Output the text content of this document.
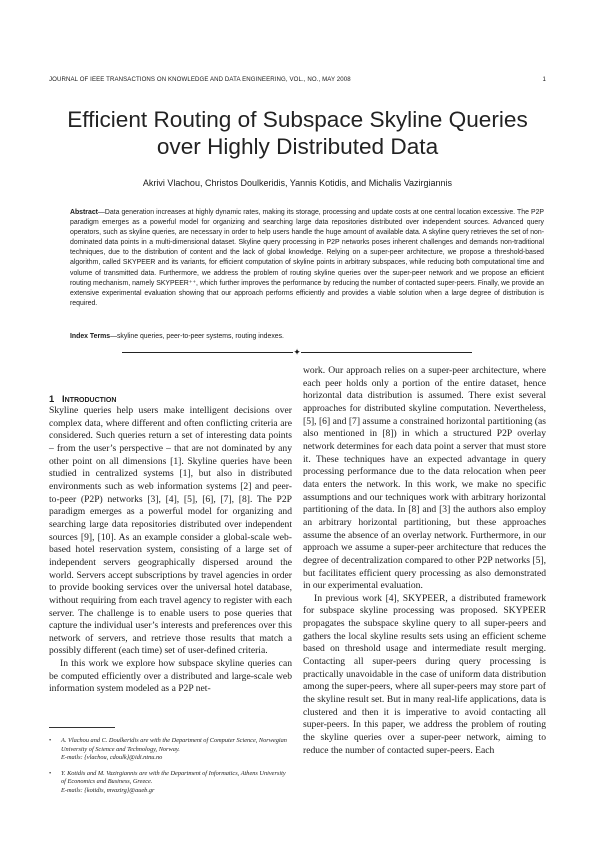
JOURNAL OF IEEE TRANSACTIONS ON KNOWLEDGE AND DATA ENGINEERING, VOL., NO., MAY 2008	1
Efficient Routing of Subspace Skyline Queries
over Highly Distributed Data
Akrivi Vlachou, Christos Doulkeridis, Yannis Kotidis, and Michalis Vazirgiannis
Abstract—Data generation increases at highly dynamic rates, making its storage, processing and update costs at one central location excessive. The P2P paradigm emerges as a powerful model for organizing and searching large data repositories distributed over independent sources. Advanced query operators, such as skyline queries, are necessary in order to help users handle the huge amount of available data. A skyline query retrieves the set of non-dominated data points in a multi-dimensional dataset. Skyline query processing in P2P networks poses inherent challenges and demands non-traditional techniques, due to the distribution of content and the lack of global knowledge. Relying on a super-peer architecture, we propose a threshold-based algorithm, called SKYPEER and its variants, for efficient computation of skyline points in arbitrary subspaces, while reducing both computational time and volume of transmitted data. Furthermore, we address the problem of routing skyline queries over the super-peer network and we propose an efficient routing mechanism, namely SKYPEER⁺⁺, which further improves the performance by reducing the number of contacted super-peers. Finally, we provide an extensive experimental evaluation showing that our approach performs efficiently and provides a viable solution when a large degree of distribution is required.
Index Terms—skyline queries, peer-to-peer systems, routing indexes.
✦
1 Introduction

Skyline queries help users make intelligent decisions over complex data, where different and often conflicting criteria are considered. Such queries return a set of interesting data points – from the user’s perspective – that are not dominated by any other point on all dimensions [1]. Skyline queries have been studied in centralized systems [1], but also in distributed environments such as web information systems [2] and peer-to-peer (P2P) networks [3], [4], [5], [6], [7], [8]. The P2P paradigm emerges as a powerful model for organizing and searching large data repositories distributed over independent sources [9], [10]. As an example consider a global-scale web-based hotel reservation system, consisting of a large set of independent servers geographically dispersed around the world. Servers accept subscriptions by travel agencies in order to provide booking services over the universal hotel database, without requiring from each travel agency to register with each server. The challenge is to enable users to pose queries that capture the individual user’s interests and preferences over this network of servers, and retrieve those results that match a possibly different (each time) set of user-defined criteria.

In this work we explore how subspace skyline queries can be computed efficiently over a distributed and large-scale web information system modeled as a P2P net-

• A. Vlachou and C. Doulkeridis are with the Department of Computer Science, Norwegian University of Science and Technology, Norway.
E-mails: {vlachou, cdoulk}@idi.ntnu.no
• Y. Kotidis and M. Vazirgiannis are with the Department of Informatics, Athens University of Economics and Business, Greece.
E-mails: {kotidis, mvazirg}@aueb.gr

work. Our approach relies on a super-peer architecture, where each peer holds only a portion of the entire dataset, hence horizontal data distribution is assumed. There exist several approaches for distributed skyline computation. Nevertheless, [5], [6] and [7] assume a constrained horizontal partitioning (as also mentioned in [8]) in which a structured P2P overlay network determines for each data point a server that must store it. These techniques have an expected advantage in query processing performance due to the data relocation when peer data enters the network. In this work, we make no specific assumptions and our techniques work with arbitrary horizontal partitioning of the data. In [8] and [3] the authors also employ an arbitrary horizontal partitioning, but these approaches assume the absence of an overlay network. Furthermore, in our approach we assume a super-peer architecture that reduces the degree of decentralization compared to other P2P networks [5], but facilitates efficient query processing as also demonstrated in our experimental evaluation.

In previous work [4], SKYPEER, a distributed framework for subspace skyline processing was proposed. SKYPEER propagates the subspace skyline query to all super-peers and gathers the local skyline results sets using an efficient scheme based on threshold usage and intermediate result merging. Contacting all super-peers during query processing is practically unavoidable in the case of uniform data distribution among the super-peers, where all super-peers may store part of the skyline result set. But in many real-life applications, data is clustered and then it is imperative to avoid contacting all super-peers. In this paper, we address the problem of routing the skyline queries over a super-peer network, aiming to reduce the number of contacted super-peers. Each
